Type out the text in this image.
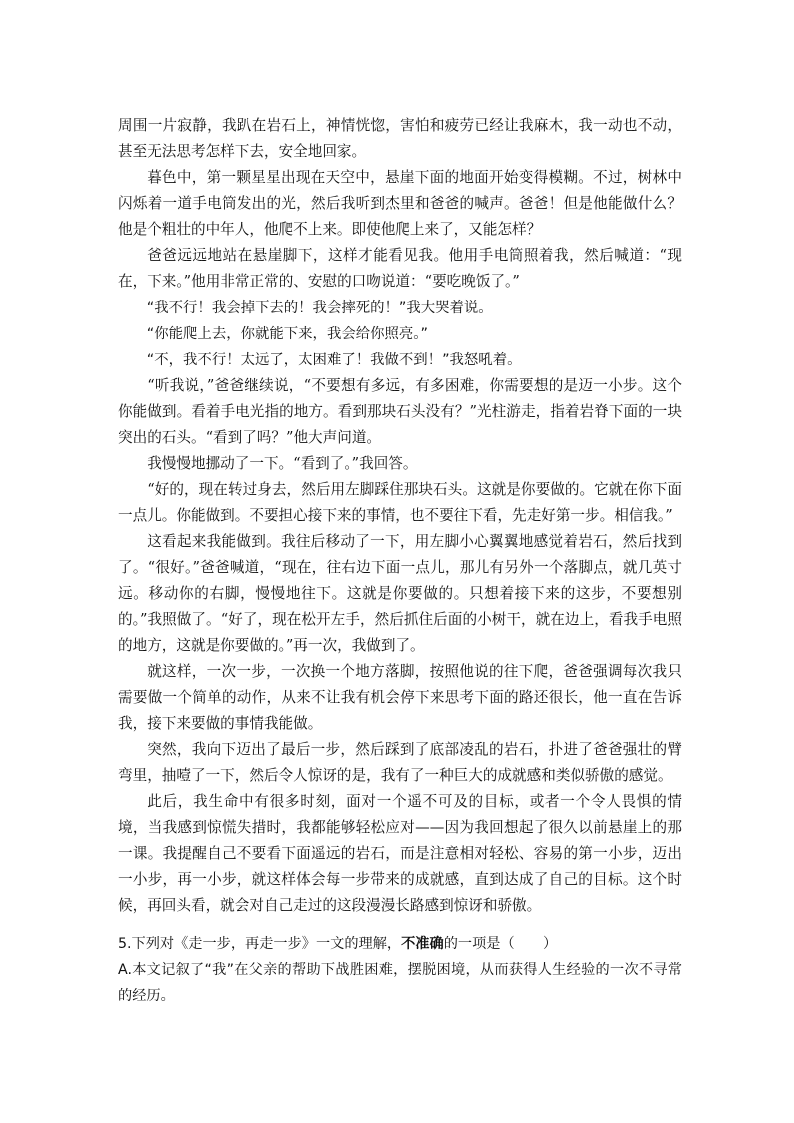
周围一片寂静，我趴在岩石上，神情恍惚，害怕和疲劳已经让我麻木，我一动也不动，甚至无法思考怎样下去，安全地回家。

暮色中，第一颗星星出现在天空中，悬崖下面的地面开始变得模糊。不过，树林中闪烁着一道手电筒发出的光，然后我听到杰里和爸爸的喊声。爸爸！但是他能做什么？他是个粗壮的中年人，他爬不上来。即使他爬上来了，又能怎样？

爸爸远远地站在悬崖脚下，这样才能看见我。他用手电筒照着我，然后喊道：“现在，下来。”他用非常正常的、安慰的口吻说道：“要吃晚饭了。”

“我不行！我会掉下去的！我会摔死的！”我大哭着说。

“你能爬上去，你就能下来，我会给你照亮。”

“不，我不行！太远了，太困难了！我做不到！”我怒吼着。

“听我说，”爸爸继续说，“不要想有多远，有多困难，你需要想的是迈一小步。这个你能做到。看着手电光指的地方。看到那块石头没有？”光柱游走，指着岩脊下面的一块突出的石头。“看到了吗？”他大声问道。

我慢慢地挪动了一下。“看到了。”我回答。

“好的，现在转过身去，然后用左脚踩住那块石头。这就是你要做的。它就在你下面一点儿。你能做到。不要担心接下来的事情，也不要往下看，先走好第一步。相信我。”

这看起来我能做到。我往后移动了一下，用左脚小心翼翼地感觉着岩石，然后找到了。“很好。”爸爸喊道，“现在，往右边下面一点儿，那儿有另外一个落脚点，就几英寸远。移动你的右脚，慢慢地往下。这就是你要做的。只想着接下来的这步，不要想别的。”我照做了。“好了，现在松开左手，然后抓住后面的小树干，就在边上，看我手电照的地方，这就是你要做的。”再一次，我做到了。

就这样，一次一步，一次换一个地方落脚，按照他说的往下爬，爸爸强调每次我只需要做一个简单的动作，从来不让我有机会停下来思考下面的路还很长，他一直在告诉我，接下来要做的事情我能做。

突然，我向下迈出了最后一步，然后踩到了底部凌乱的岩石，扑进了爸爸强壮的臂弯里，抽噎了一下，然后令人惊讶的是，我有了一种巨大的成就感和类似骄傲的感觉。

此后，我生命中有很多时刻，面对一个遥不可及的目标，或者一个令人畏惧的情境，当我感到惊慌失措时，我都能够轻松应对——因为我回想起了很久以前悬崖上的那一课。我提醒自己不要看下面遥远的岩石，而是注意相对轻松、容易的第一小步，迈出一小步，再一小步，就这样体会每一步带来的成就感，直到达成了自己的目标。这个时候，再回头看，就会对自己走过的这段漫漫长路感到惊讶和骄傲。

5.下列对《走一步，再走一步》一文的理解，不准确的一项是（　　）

A.本文记叙了“我”在父亲的帮助下战胜困难，摆脱困境，从而获得人生经验的一次不寻常的经历。
